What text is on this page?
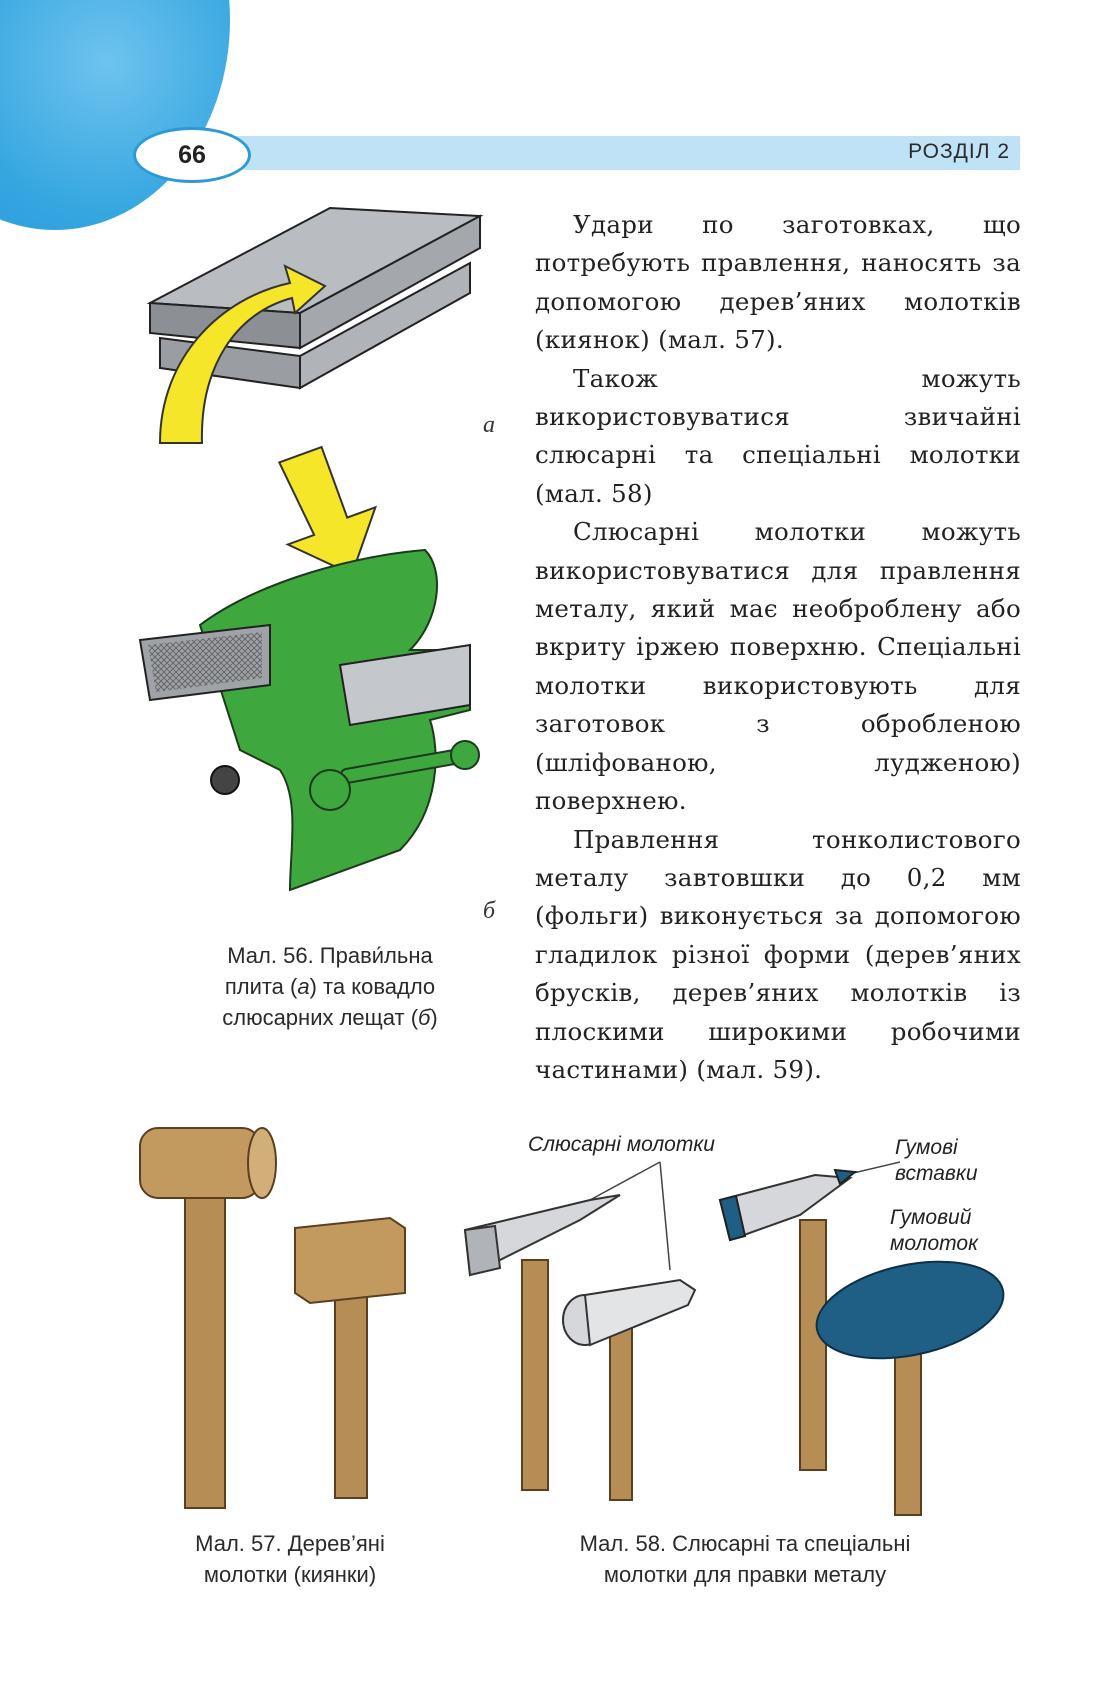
РОЗДІЛ 2
66
а
б
Мал. 56. Прави́льна
плита (а) та ковадло
слюсарних лещат (б)

Удари по заготовках, що потребують правлення, наносять за допомогою дерев’яних молотків (киянок) (мал. 57).

Також можуть використовуватися звичайні слюсарні та спеціальні молотки (мал. 58)

Слюсарні молотки можуть використовуватися для правлення металу, який має необроблену або вкриту іржею поверхню. Спеціальні молотки використовують для заготовок з обробленою (шліфованою, лудженою) поверхнею.

Правлення тонколистового металу завтовшки до 0,2 мм (фольги) виконується за допомогою гладилок різної форми (дерев’яних брусків, дерев’яних молотків із плоскими широкими робочими частинами) (мал. 59).

Мал. 57. Дерев’яні
молотки (киянки)
Слюсарні молотки	Гумові
вставки
Гумовий
молоток
Мал. 58. Слюсарні та спеціальні
молотки для правки металу
